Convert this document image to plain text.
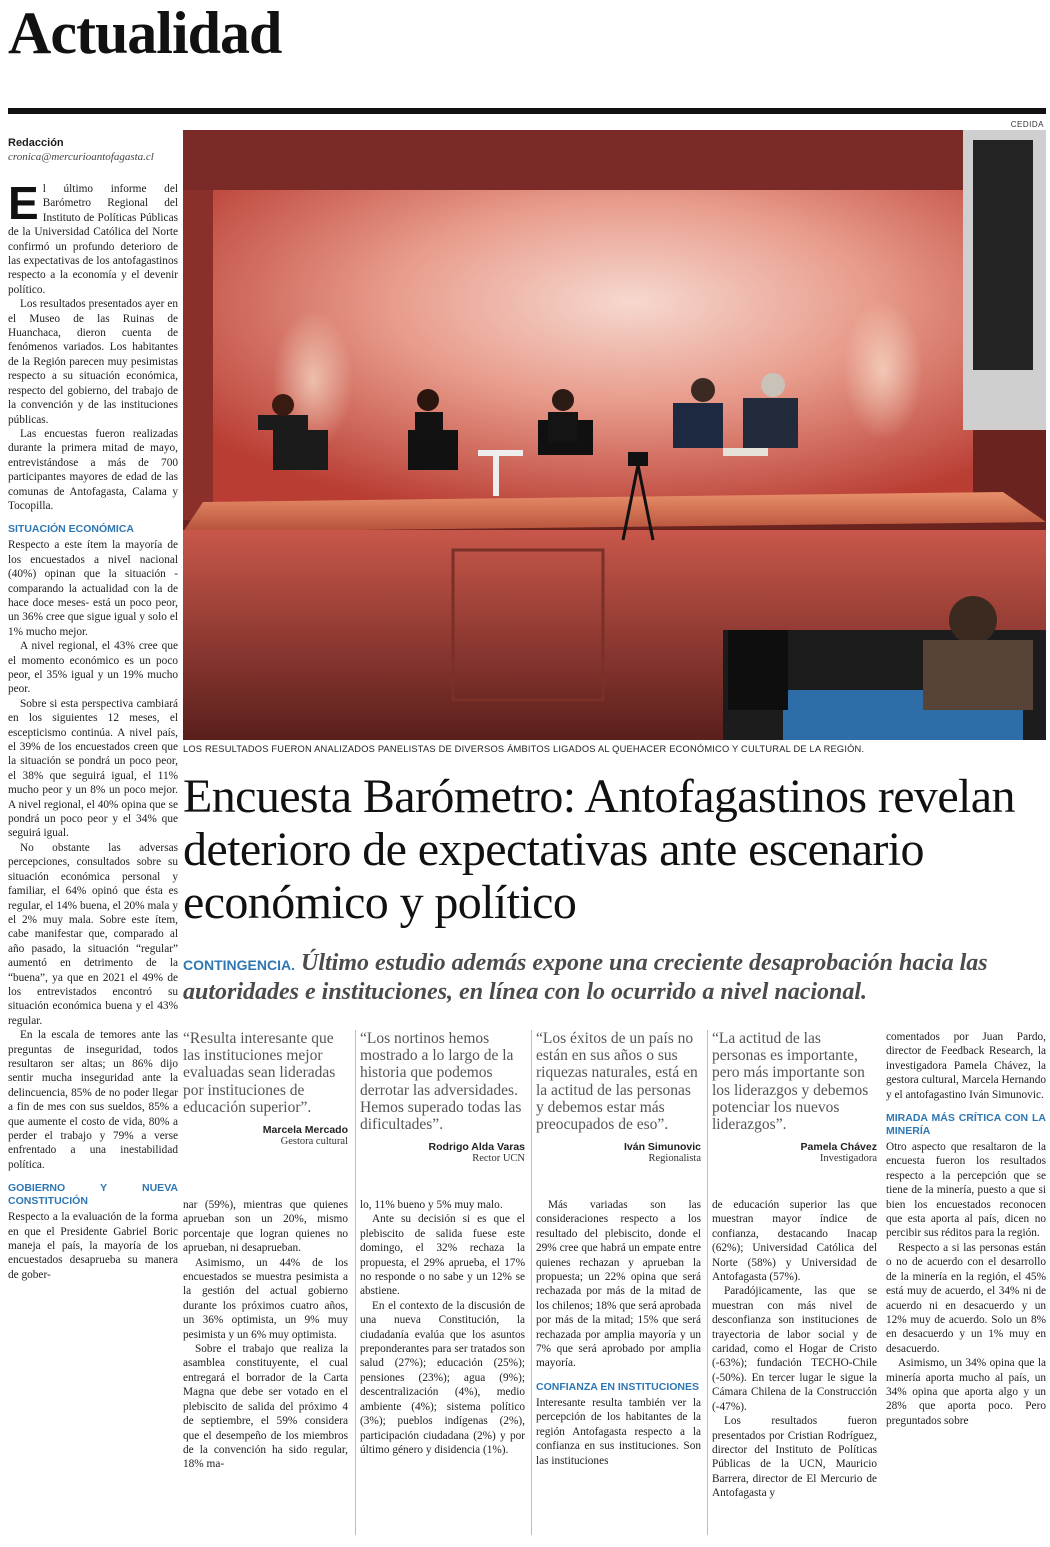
Actualidad
CEDIDA
Redacción
cronica@mercurioantofagasta.cl

El último informe del Barómetro Regional del Instituto de Políticas Públicas de la Universidad Católica del Norte confirmó un profundo deterioro de las expectativas de los antofagastinos respecto a la economía y el devenir político.

Los resultados presentados ayer en el Museo de las Ruinas de Huanchaca, dieron cuenta de fenómenos variados. Los habitantes de la Región parecen muy pesimistas respecto a su situación económica, respecto del gobierno, del trabajo de la convención y de las instituciones públicas.

Las encuestas fueron realizadas durante la primera mitad de mayo, entrevistándose a más de 700 participantes mayores de edad de las comunas de Antofagasta, Calama y Tocopilla.

SITUACIÓN ECONÓMICA

Respecto a este ítem la mayoría de los encuestados a nivel nacional (40%) opinan que la situación -comparando la actualidad con la de hace doce meses- está un poco peor, un 36% cree que sigue igual y solo el 1% mucho mejor.

A nivel regional, el 43% cree que el momento económico es un poco peor, el 35% igual y un 19% mucho peor.

Sobre si esta perspectiva cambiará en los siguientes 12 meses, el escepticismo continúa. A nivel país, el 39% de los encuestados creen que la situación se pondrá un poco peor, el 38% que seguirá igual, el 11% mucho peor y un 8% un poco mejor. A nivel regional, el 40% opina que se pondrá un poco peor y el 34% que seguirá igual.

No obstante las adversas percepciones, consultados sobre su situación económica personal y familiar, el 64% opinó que ésta es regular, el 14% buena, el 20% mala y el 2% muy mala. Sobre este ítem, cabe manifestar que, comparado al año pasado, la situación “regular” aumentó en detrimento de la “buena”, ya que en 2021 el 49% de los entrevistados encontró su situación económica buena y el 43% regular.

En la escala de temores ante las preguntas de inseguridad, todos resultaron ser altas; un 86% dijo sentir mucha inseguridad ante la delincuencia, 85% de no poder llegar a fin de mes con sus sueldos, 85% a que aumente el costo de vida, 80% a perder el trabajo y 79% a verse enfrentado a una inestabilidad política.

GOBIERNO Y NUEVA CONSTITUCIÓN

Respecto a la evaluación de la forma en que el Presidente Gabriel Boric maneja el país, la mayoría de los encuestados desaprueba su manera de gober-

LOS RESULTADOS FUERON ANALIZADOS PANELISTAS DE DIVERSOS ÁMBITOS LIGADOS AL QUEHACER ECONÓMICO Y CULTURAL DE LA REGIÓN.
Encuesta Barómetro: Antofagastinos revelan deterioro de expectativas ante escenario económico y político
CONTINGENCIA. Último estudio además expone una creciente desaprobación hacia las autoridades e instituciones, en línea con lo ocurrido a nivel nacional.
“Resulta interesante que las instituciones mejor evaluadas sean lideradas por instituciones de educación superior”.
Marcela Mercado
Gestora cultural
“Los nortinos hemos mostrado a lo largo de la historia que podemos derrotar las adversidades. Hemos superado todas las dificultades”.
Rodrigo Alda Varas
Rector UCN
“Los éxitos de un país no están en sus años o sus riquezas naturales, está en la actitud de las personas y debemos estar más preocupados de eso”.
Iván Simunovic
Regionalista
“La actitud de las personas es importante, pero más importante son los liderazgos y debemos potenciar los nuevos liderazgos”.
Pamela Chávez
Investigadora

nar (59%), mientras que quienes aprueban son un 20%, mismo porcentaje que logran quienes no aprueban, ni desaprueban.

Asimismo, un 44% de los encuestados se muestra pesimista a la gestión del actual gobierno durante los próximos cuatro años, un 36% optimista, un 9% muy pesimista y un 6% muy optimista.

Sobre el trabajo que realiza la asamblea constituyente, el cual entregará el borrador de la Carta Magna que debe ser votado en el plebiscito de salida del próximo 4 de septiembre, el 59% considera que el desempeño de los miembros de la convención ha sido regular, 18% ma-

lo, 11% bueno y 5% muy malo.

Ante su decisión si es que el plebiscito de salida fuese este domingo, el 32% rechaza la propuesta, el 29% aprueba, el 17% no responde o no sabe y un 12% se abstiene.

En el contexto de la discusión de una nueva Constitución, la ciudadanía evalúa que los asuntos preponderantes para ser tratados son salud (27%); educación (25%); pensiones (23%); agua (9%); descentralización (4%), medio ambiente (4%); sistema político (3%); pueblos indígenas (2%), participación ciudadana (2%) y por último género y disidencia (1%).

Más variadas son las consideraciones respecto a los resultado del plebiscito, donde el 29% cree que habrá un empate entre quienes rechazan y aprueban la propuesta; un 22% opina que será rechazada por más de la mitad de los chilenos; 18% que será aprobada por más de la mitad; 15% que será rechazada por amplia mayoría y un 7% que será aprobado por amplia mayoría.

CONFIANZA EN INSTITUCIONES

Interesante resulta también ver la percepción de los habitantes de la región Antofagasta respecto a la confianza en sus instituciones. Son las instituciones

de educación superior las que muestran mayor índice de confianza, destacando Inacap (62%); Universidad Católica del Norte (58%) y Universidad de Antofagasta (57%).

Paradójicamente, las que se muestran con más nivel de desconfianza son instituciones de trayectoria de labor social y de caridad, como el Hogar de Cristo (-63%); fundación TECHO-Chile (-50%). En tercer lugar le sigue la Cámara Chilena de la Construcción (-47%).

Los resultados fueron presentados por Cristian Rodríguez, director del Instituto de Políticas Públicas de la UCN, Mauricio Barrera, director de El Mercurio de Antofagasta y

comentados por Juan Pardo, director de Feedback Research, la investigadora Pamela Chávez, la gestora cultural, Marcela Hernando y el antofagastino Iván Simunovic.

MIRADA MÁS CRÍTICA CON LA MINERÍA

Otro aspecto que resaltaron de la encuesta fueron los resultados respecto a la percepción que se tiene de la minería, puesto a que si bien los encuestados reconocen que esta aporta al país, dicen no percibir sus réditos para la región.

Respecto a si las personas están o no de acuerdo con el desarrollo de la minería en la región, el 45% está muy de acuerdo, el 34% ni de acuerdo ni en desacuerdo y un 12% muy de acuerdo. Solo un 8% en desacuerdo y un 1% muy en desacuerdo.

Asimismo, un 34% opina que la minería aporta mucho al país, un 34% opina que aporta algo y un 28% que aporta poco. Pero preguntados sobre
